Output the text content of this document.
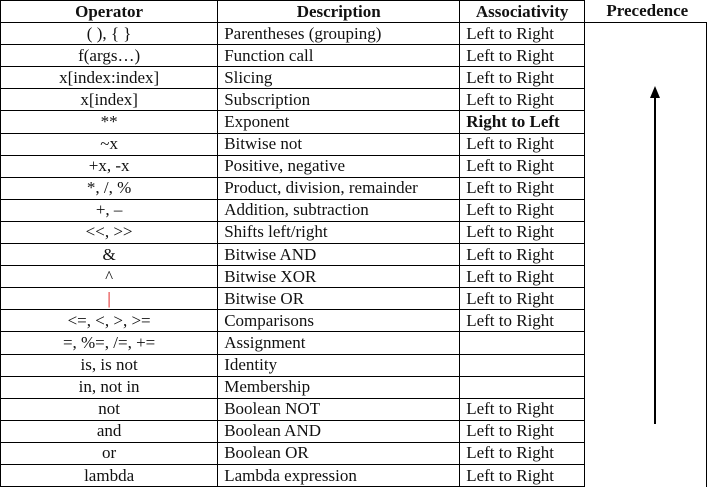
Operator	Description	Associativity	Precedence
( ), { }	Parentheses (grouping)	Left to Right	
f(args…)	Function call	Left to Right	
x[index:index]	Slicing	Left to Right	
x[index]	Subscription	Left to Right	
**	Exponent	Right to Left	
~x	Bitwise not	Left to Right	
+x, -x	Positive, negative	Left to Right	
*, /, %	Product, division, remainder	Left to Right	
+, –	Addition, subtraction	Left to Right	
<<, >>	Shifts left/right	Left to Right	
&	Bitwise AND	Left to Right	
^	Bitwise XOR	Left to Right	
|	Bitwise OR	Left to Right	
<=, <, >, >=	Comparisons	Left to Right	
=, %=, /=, +=	Assignment		
is, is not	Identity		
in, not in	Membership		
not	Boolean NOT	Left to Right	
and	Boolean AND	Left to Right	
or	Boolean OR	Left to Right	
lambda	Lambda expression	Left to Right	
